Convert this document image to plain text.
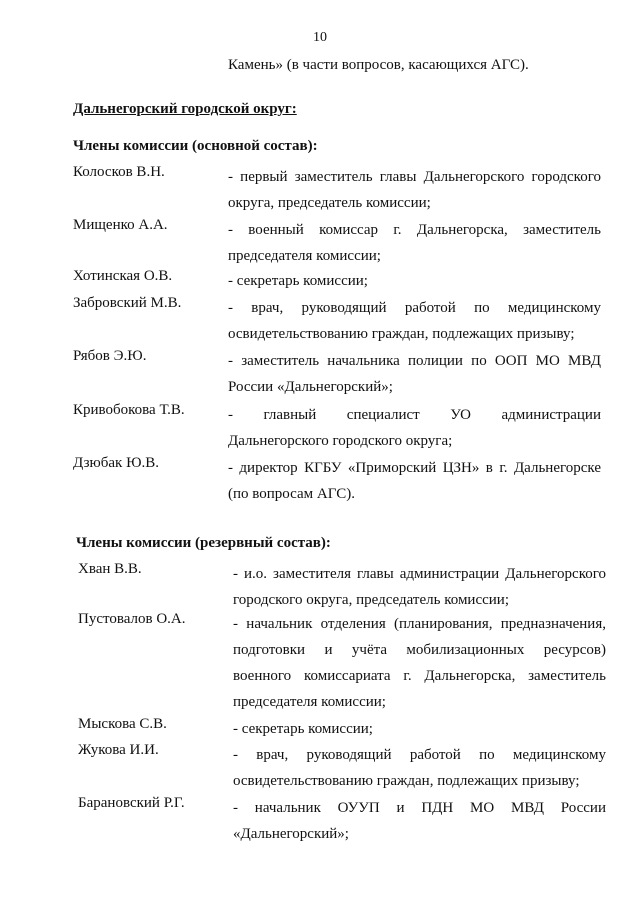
10
Камень» (в части вопросов, касающихся АГС).
Дальнегорский городской округ:
Члены комиссии (основной состав):
Колосков В.Н.	- первый заместитель главы Дальнегорского городского
округа, председатель комиссии;
Мищенко А.А.	- военный комиссар г. Дальнегорска, заместитель
председателя комиссии;
Хотинская О.В.	- секретарь комиссии;
Забровский М.В.	- врач, руководящий работой по медицинскому
освидетельствованию граждан, подлежащих призыву;
Рябов Э.Ю.	- заместитель начальника полиции по ООП МО МВД
России «Дальнегорский»;
Кривобокова Т.В.	- главный специалист УО администрации
Дальнегорского городского округа;
Дзюбак Ю.В.	- директор КГБУ «Приморский ЦЗН» в г. Дальнегорске
(по вопросам АГС).
Члены комиссии (резервный состав):
Хван В.В.	- и.о. заместителя главы администрации Дальнегорского
городского округа, председатель комиссии;
Пустовалов О.А.	- начальник отделения (планирования, предназначения,
подготовки и учёта мобилизационных ресурсов)
военного комиссариата г. Дальнегорска, заместитель
председателя комиссии;
Мыскова С.В.	- секретарь комиссии;
Жукова И.И.	- врач, руководящий работой по медицинскому
освидетельствованию граждан, подлежащих призыву;
Барановский Р.Г.	- начальник ОУУП и ПДН МО МВД России
«Дальнегорский»;
